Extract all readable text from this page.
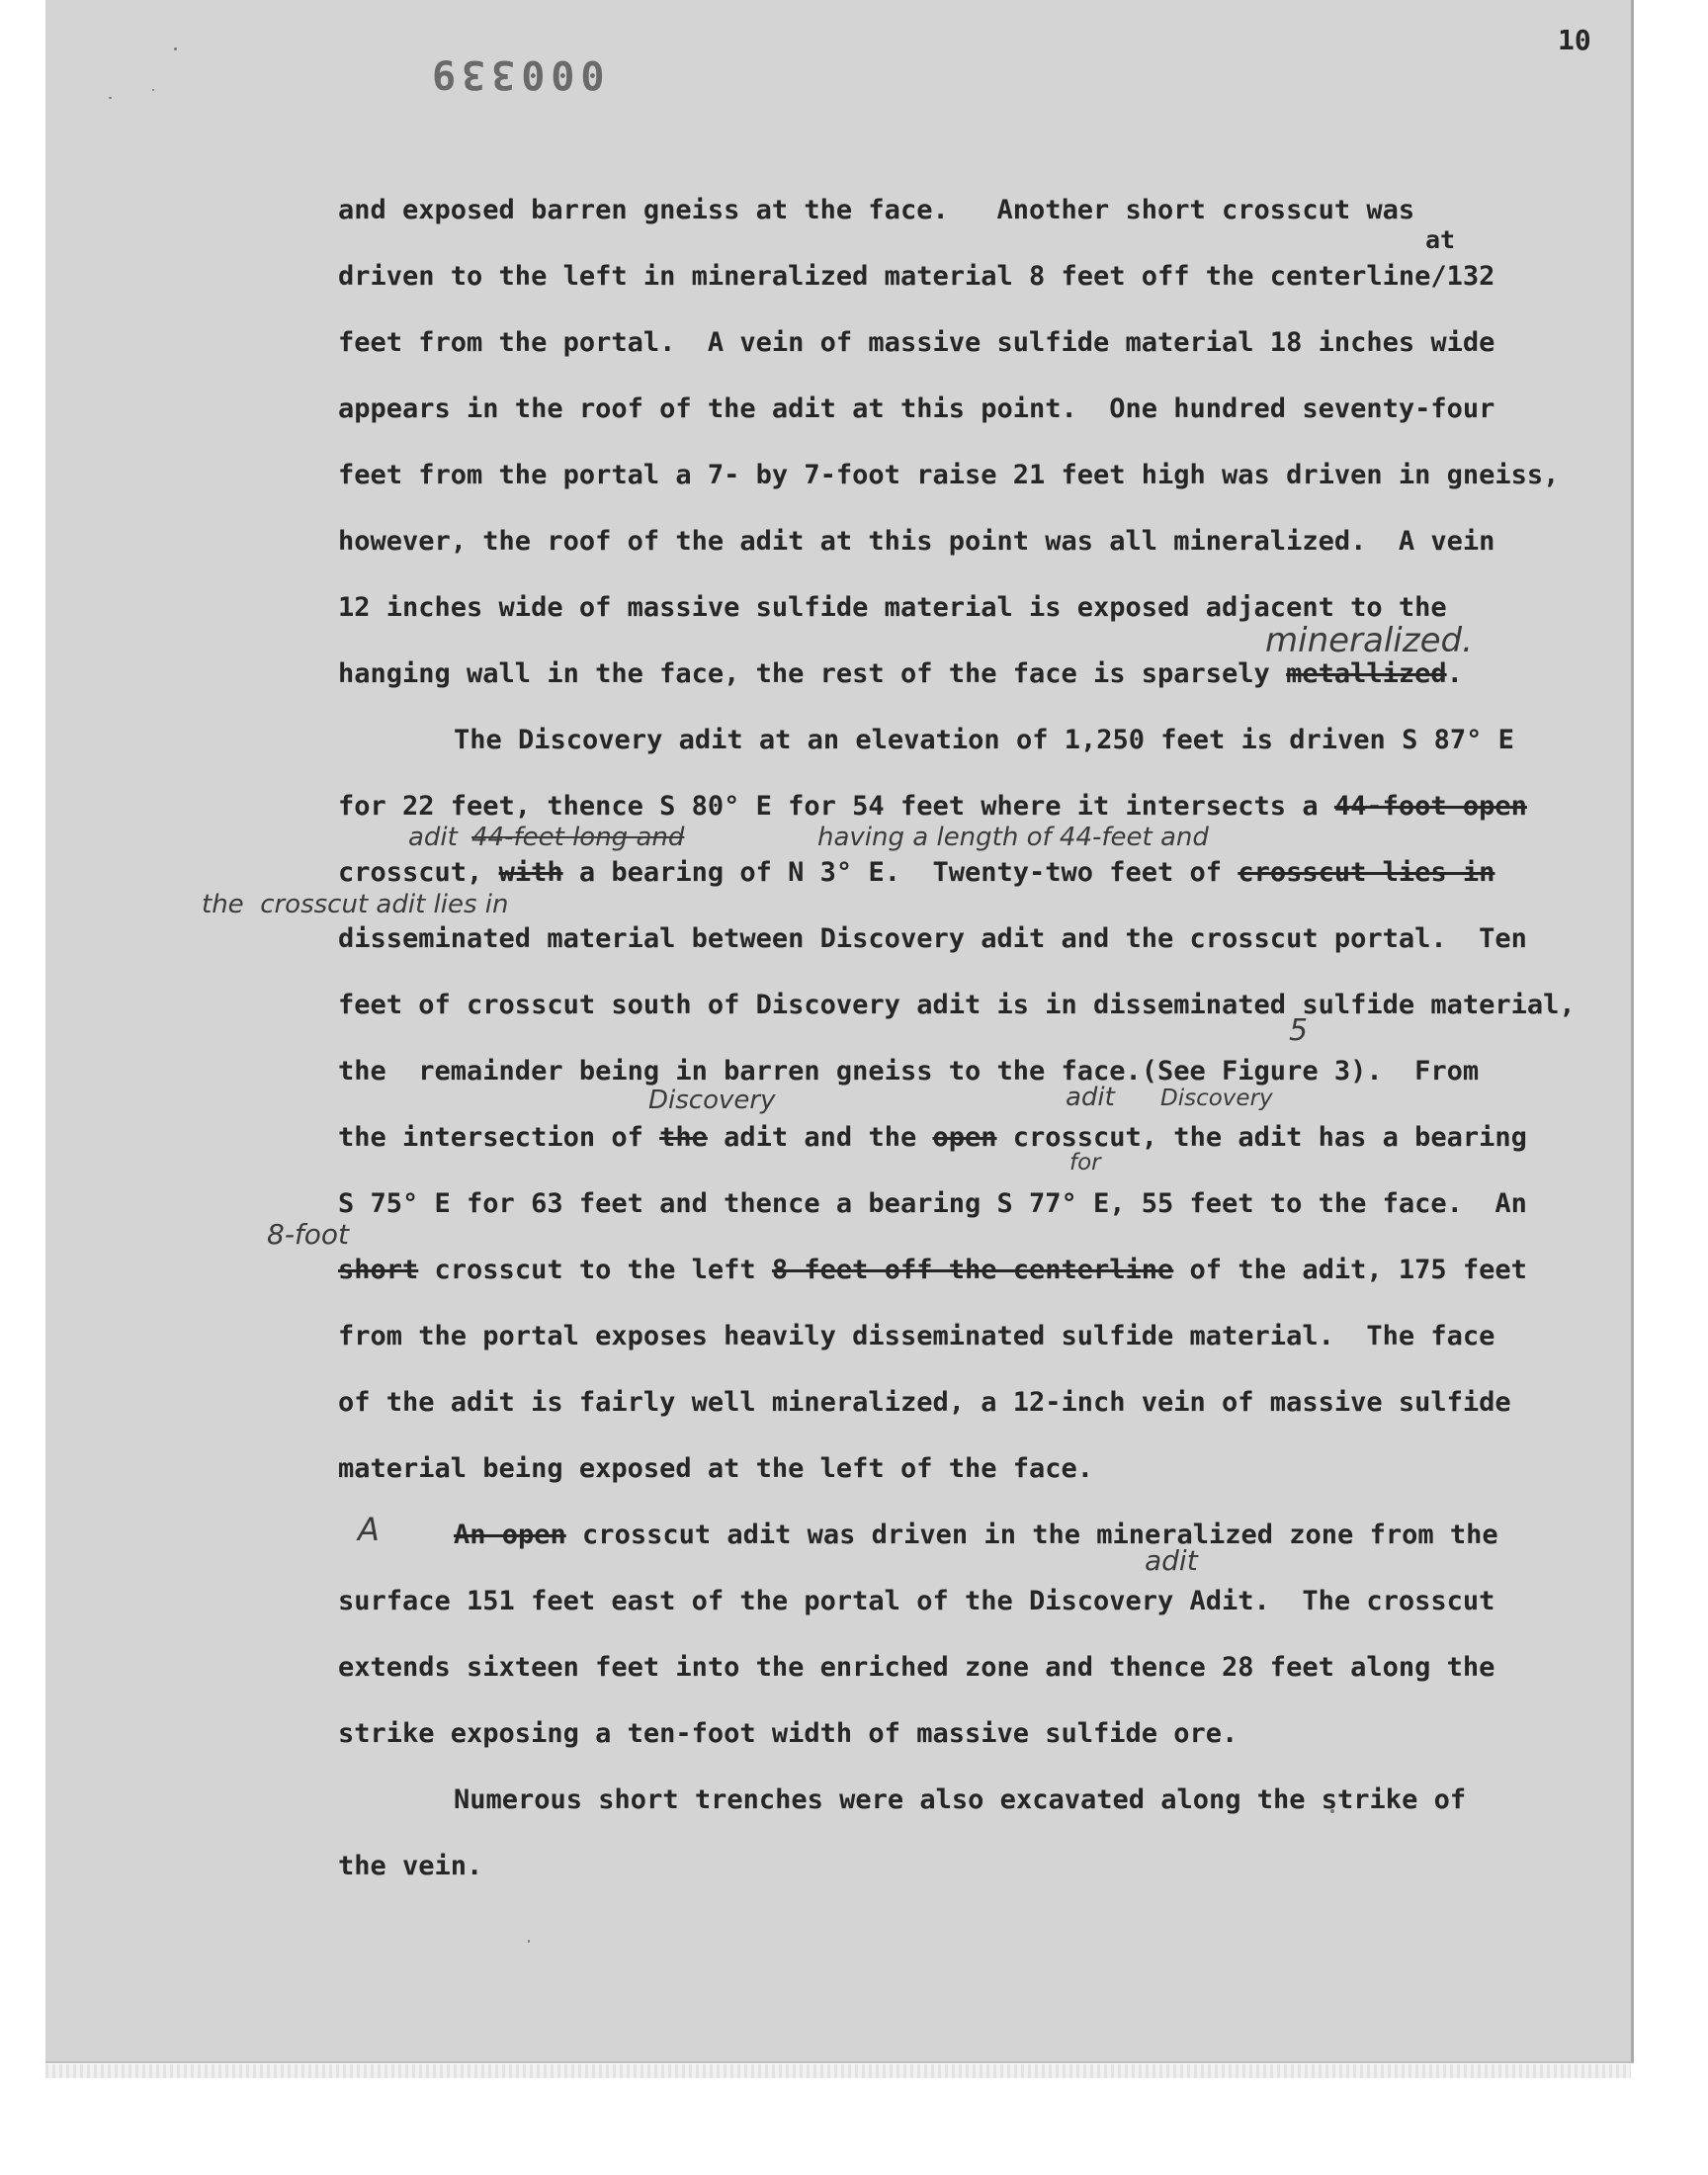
10
000339
and exposed barren gneiss at the face.   Another short crosscut was
driven to the left in mineralized material 8 feet off the centerline/132
feet from the portal.  A vein of massive sulfide material 18 inches wide
appears in the roof of the adit at this point.  One hundred seventy-four
feet from the portal a 7- by 7-foot raise 21 feet high was driven in gneiss,
however, the roof of the adit at this point was all mineralized.  A vein
12 inches wide of massive sulfide material is exposed adjacent to the
hanging wall in the face, the rest of the face is sparsely metallized.
The Discovery adit at an elevation of 1,250 feet is driven S 87° E
for 22 feet, thence S 80° E for 54 feet where it intersects a 44-foot open
crosscut, with a bearing of N 3° E.  Twenty-two feet of crosscut lies in
disseminated material between Discovery adit and the crosscut portal.  Ten
feet of crosscut south of Discovery adit is in disseminated sulfide material,
the  remainder being in barren gneiss to the face.(See Figure 3).  From
the intersection of the adit and the open crosscut, the adit has a bearing
S 75° E for 63 feet and thence a bearing S 77° E, 55 feet to the face.  An
short crosscut to the left 8 feet off the centerline of the adit, 175 feet
from the portal exposes heavily disseminated sulfide material.  The face
of the adit is fairly well mineralized, a 12-inch vein of massive sulfide
material being exposed at the left of the face.
An open crosscut adit was driven in the mineralized zone from the
surface 151 feet east of the portal of the Discovery Adit.  The crosscut
extends sixteen feet into the enriched zone and thence 28 feet along the
strike exposing a ten-foot width of massive sulfide ore.
Numerous short trenches were also excavated along the strike of
the vein.
at
mineralized.
adit 44-feet long and	having a length of 44-feet and
the  crosscut adit lies in
5
Discovery	adit Discovery
for
8-foot
A
adit
